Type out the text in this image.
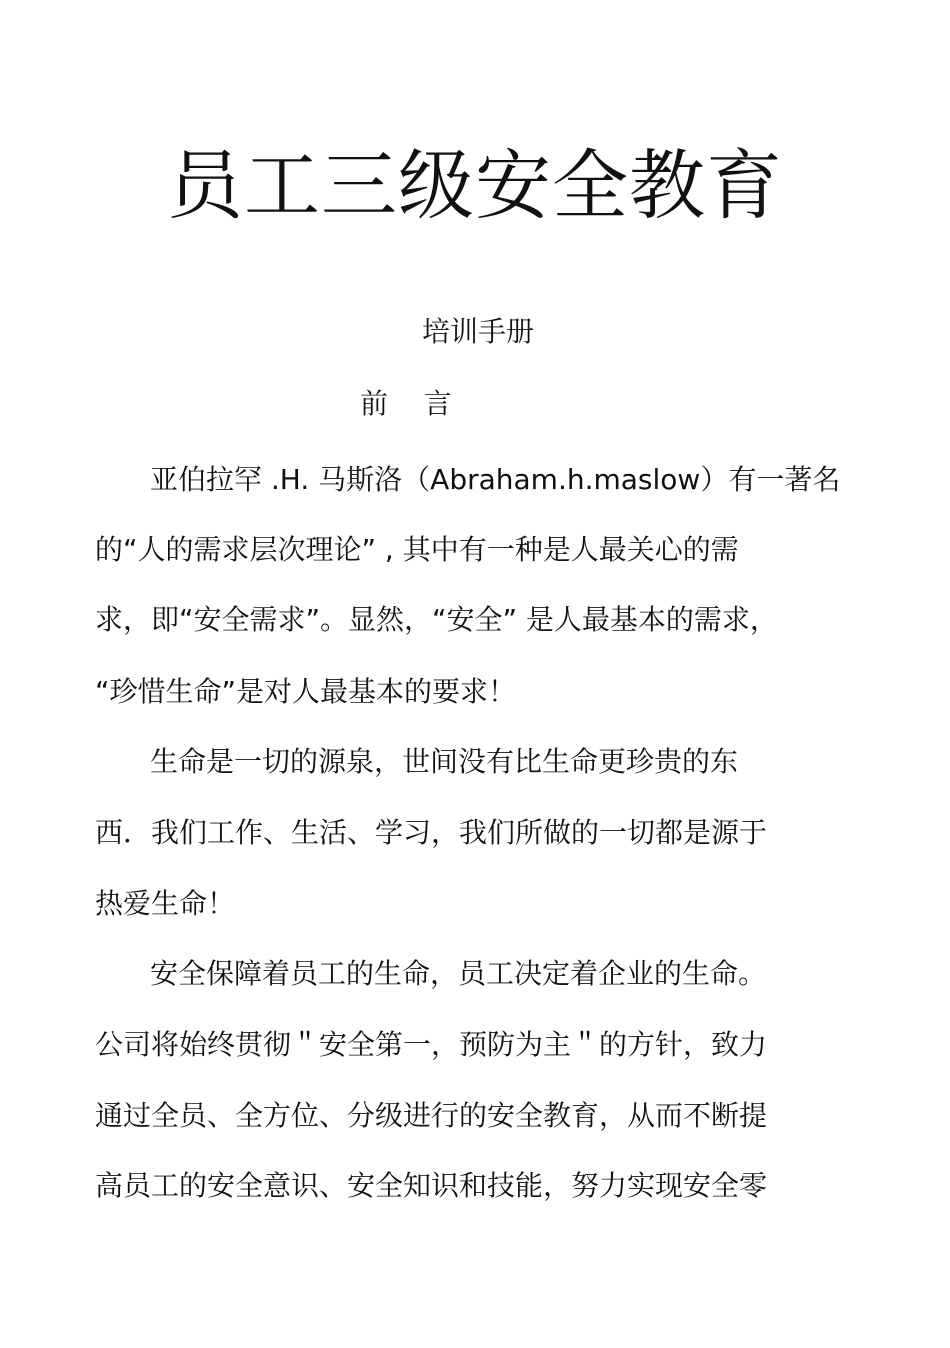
员工三级安全教育
培训手册
前    言
亚伯拉罕 .H. 马斯洛（Abraham.h.maslow）有一著名
的“人的需求层次理论” , 其中有一种是人最关心的需
求，即“安全需求”。显然，“安全” 是人最基本的需求，
“珍惜生命”是对人最基本的要求！
生命是一切的源泉，世间没有比生命更珍贵的东
西．我们工作、生活、学习，我们所做的一切都是源于
热爱生命！
安全保障着员工的生命，员工决定着企业的生命。
公司将始终贯彻＂安全第一，预防为主＂的方针，致力
通过全员、全方位、分级进行的安全教育，从而不断提
高员工的安全意识、安全知识和技能，努力实现安全零
